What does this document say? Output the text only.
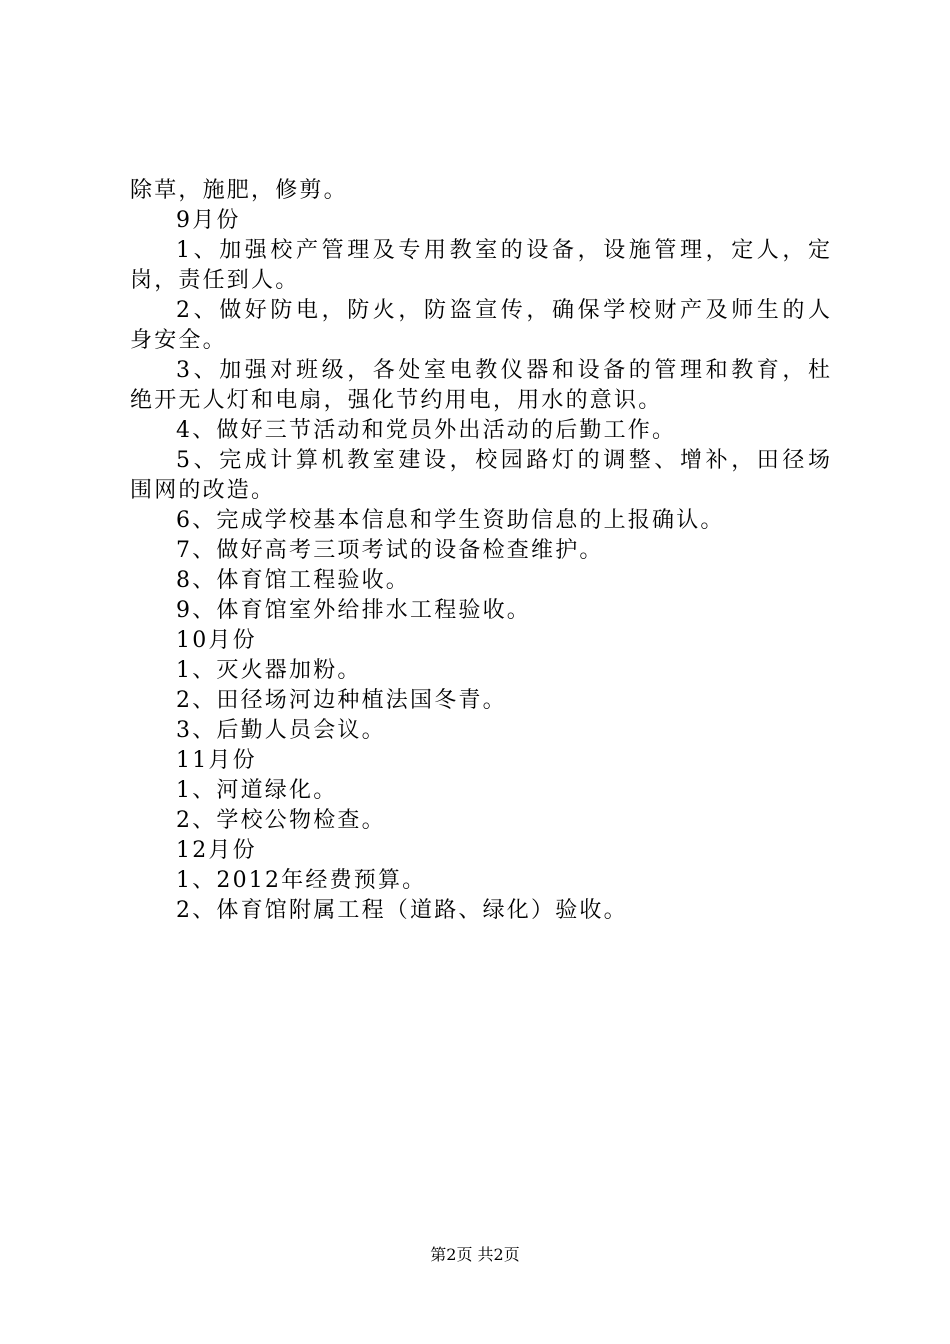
除草，施肥，修剪。
9月份
1、加强校产管理及专用教室的设备，设施管理，定人，定
岗，责任到人。
2、做好防电，防火，防盗宣传，确保学校财产及师生的人
身安全。
3、加强对班级，各处室电教仪器和设备的管理和教育，杜
绝开无人灯和电扇，强化节约用电，用水的意识。
4、做好三节活动和党员外出活动的后勤工作。
5、完成计算机教室建设，校园路灯的调整、增补，田径场
围网的改造。
6、完成学校基本信息和学生资助信息的上报确认。
7、做好高考三项考试的设备检查维护。
8、体育馆工程验收。
9、体育馆室外给排水工程验收。
10月份
1、灭火器加粉。
2、田径场河边种植法国冬青。
3、后勤人员会议。
11月份
1、河道绿化。
2、学校公物检查。
12月份
1、2012年经费预算。
2、体育馆附属工程（道路、绿化）验收。
第2页 共2页
